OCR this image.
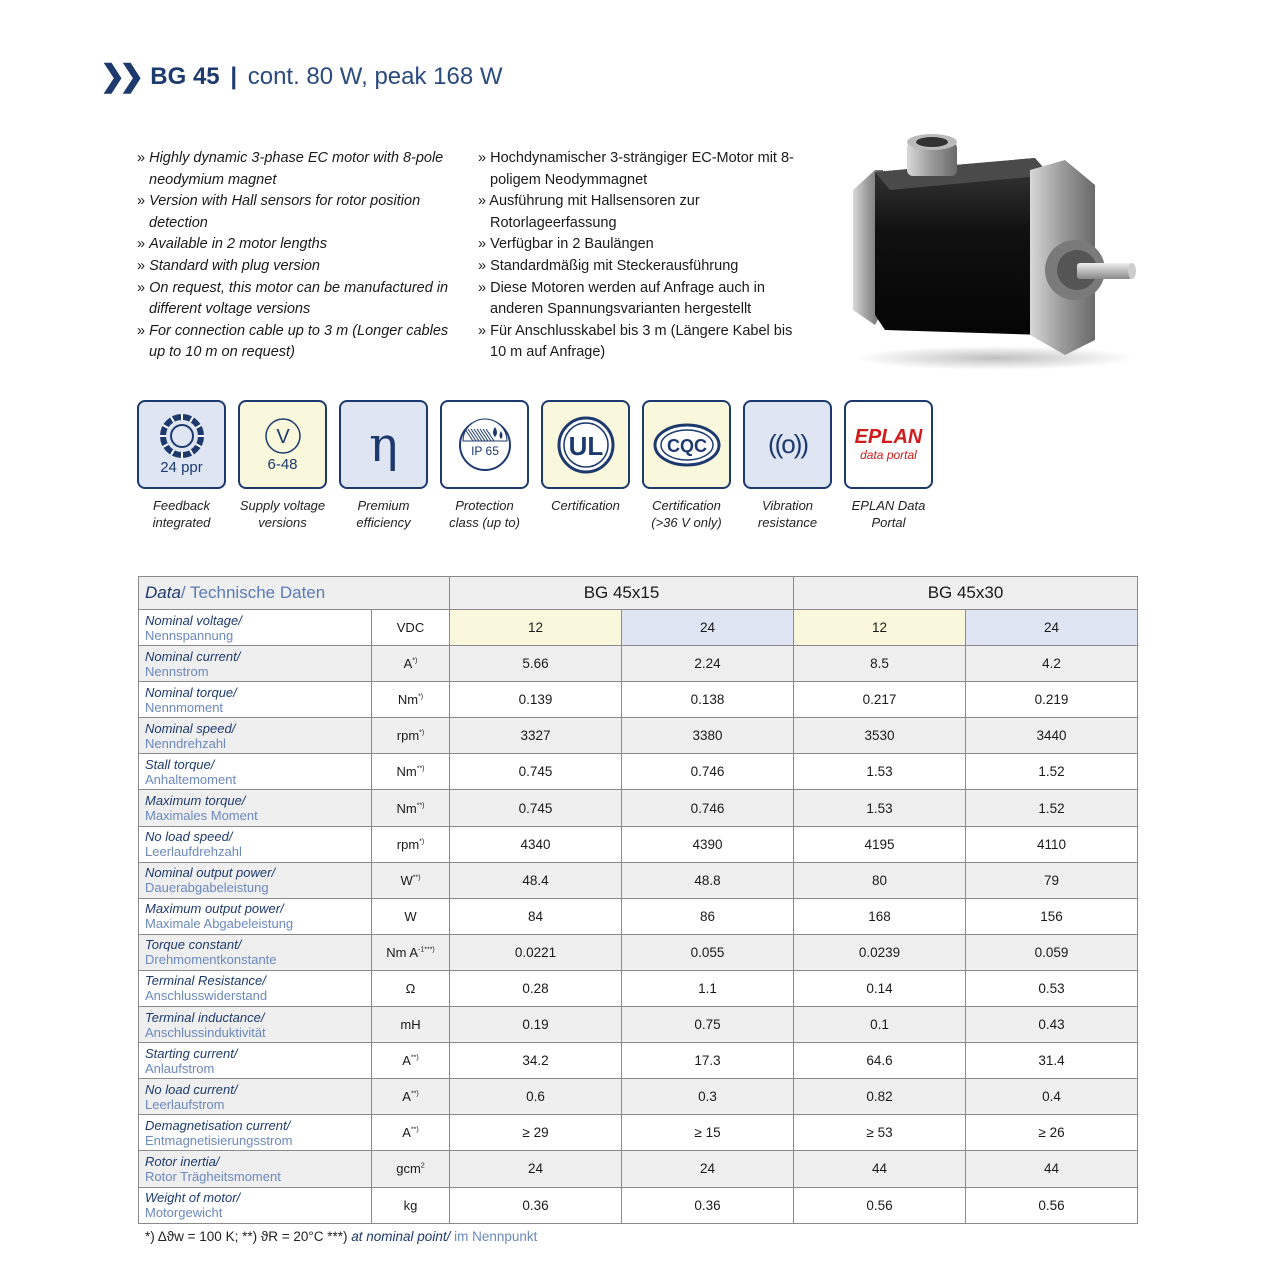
❯❯ BG 45 | cont. 80 W, peak 168 W
» Highly dynamic 3-phase EC motor with 8-pole neodymium magnet
» Version with Hall sensors for rotor position detection
» Available in 2 motor lengths
» Standard with plug version
» On request, this motor can be manufactured in different voltage versions
» For connection cable up to 3 m (Longer cables up to 10 m on request)
» Hochdynamischer 3-strängiger EC-Motor mit 8-poligem Neodymmagnet
» Ausführung mit Hallsensoren zur Rotorlageerfassung
» Verfügbar in 2 Baulängen
» Standardmäßig mit Steckerausführung
» Diese Motoren werden auf Anfrage auch in anderen Spannungsvarianten hergestellt
» Für Anschlusskabel bis 3 m (Längere Kabel bis 10 m auf Anfrage)
24 ppr
Feedback integrated
V
6-48
Supply voltage versions
η
Premium efficiency
IP 65
Protection class (up to)
UL
Certification
CQC
Certification (>36 V only)
((o))
Vibration resistance
EPLAN
data portal
EPLAN Data Portal
Data/ Technische Daten		BG 45x15		BG 45x30	

Nominal voltage/
Nennspannung	VDC	12	24	12	24

Nominal current/
Nennstrom	A*)	5.66	2.24	8.5	4.2

Nominal torque/
Nennmoment	Nm*)	0.139	0.138	0.217	0.219

Nominal speed/
Nenndrehzahl	rpm*)	3327	3380	3530	3440

Stall torque/
Anhaltemoment	Nm**)	0.745	0.746	1.53	1.52

Maximum torque/
Maximales Moment	Nm**)	0.745	0.746	1.53	1.52

No load speed/
Leerlaufdrehzahl	rpm*)	4340	4390	4195	4110

Nominal output power/
Dauerabgabeleistung	W**)	48.4	48.8	80	79

Maximum output power/
Maximale Abgabeleistung	W	84	86	168	156

Torque constant/
Drehmomentkonstante	Nm $A^{-1***)}$	0.0221	0.055	0.0239	0.059

Terminal Resistance/
Anschlusswiderstand	Ω	0.28	1.1	0.14	0.53

Terminal inductance/
Anschlussinduktivität	mH	0.19	0.75	0.1	0.43

Starting current/
Anlaufstrom	A**)	34.2	17.3	64.6	31.4

No load current/
Leerlaufstrom	A**)	0.6	0.3	0.82	0.4

Demagnetisation current/
Entmagnetisierungsstrom	A**)	≥ 29	≥ 15	≥ 53	≥ 26

Rotor inertia/
Rotor Trägheitsmoment	gcm$^2$	24	24	44	44

Weight of motor/
Motorgewicht	kg	0.36	0.36	0.56	0.56
*) Δϑw = 100 K; **) ϑR = 20°C ***) at nominal point/ im Nennpunkt
